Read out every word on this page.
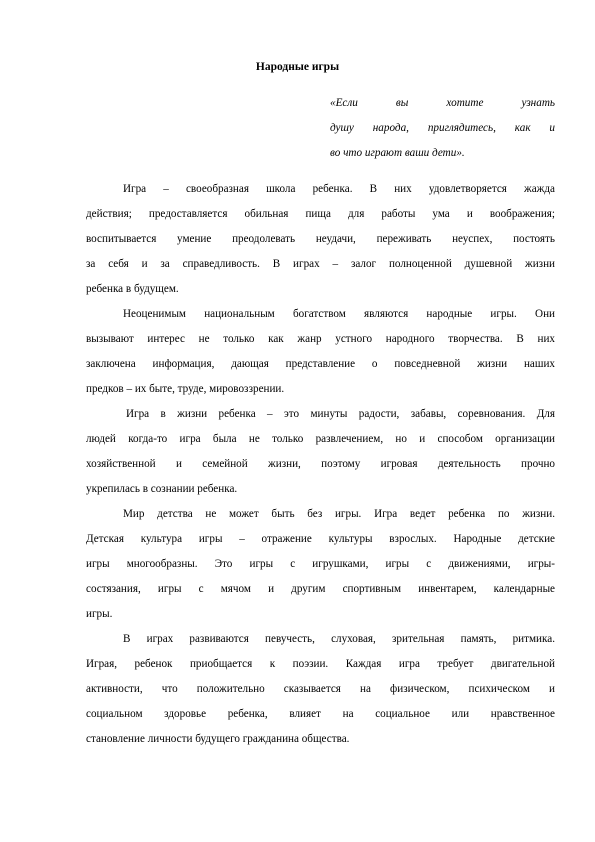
Народные игры
«Если вы хотите узнать
душу народа, приглядитесь, как и
во что играют ваши дети».
Игра – своеобразная школа ребенка. В них удовлетворяется жажда
действия; предоставляется обильная пища для работы ума и воображения;
воспитывается умение преодолевать неудачи, переживать неуспех, постоять
за себя и за справедливость. В играх – залог полноценной душевной жизни
ребенка в будущем.
Неоценимым национальным богатством являются народные игры. Они
вызывают интерес не только как жанр устного народного творчества. В них
заключена информация, дающая представление о повседневной жизни наших
предков – их быте, труде, мировоззрении.
Игра в жизни ребенка – это минуты радости, забавы, соревнования. Для
людей когда-то игра была не только развлечением, но и способом организации
хозяйственной и семейной жизни, поэтому игровая деятельность прочно
укрепилась в сознании ребенка.
Мир детства не может быть без игры. Игра ведет ребенка по жизни.
Детская культура игры – отражение культуры взрослых. Народные детские
игры многообразны. Это игры с игрушками, игры с движениями, игры-
состязания, игры с мячом и другим спортивным инвентарем, календарные
игры.
В играх развиваются певучесть, слуховая, зрительная память, ритмика.
Играя, ребенок приобщается к поэзии. Каждая игра требует двигательной
активности, что положительно сказывается на физическом, психическом и
социальном здоровье ребенка, влияет на социальное или нравственное
становление личности будущего гражданина общества.
